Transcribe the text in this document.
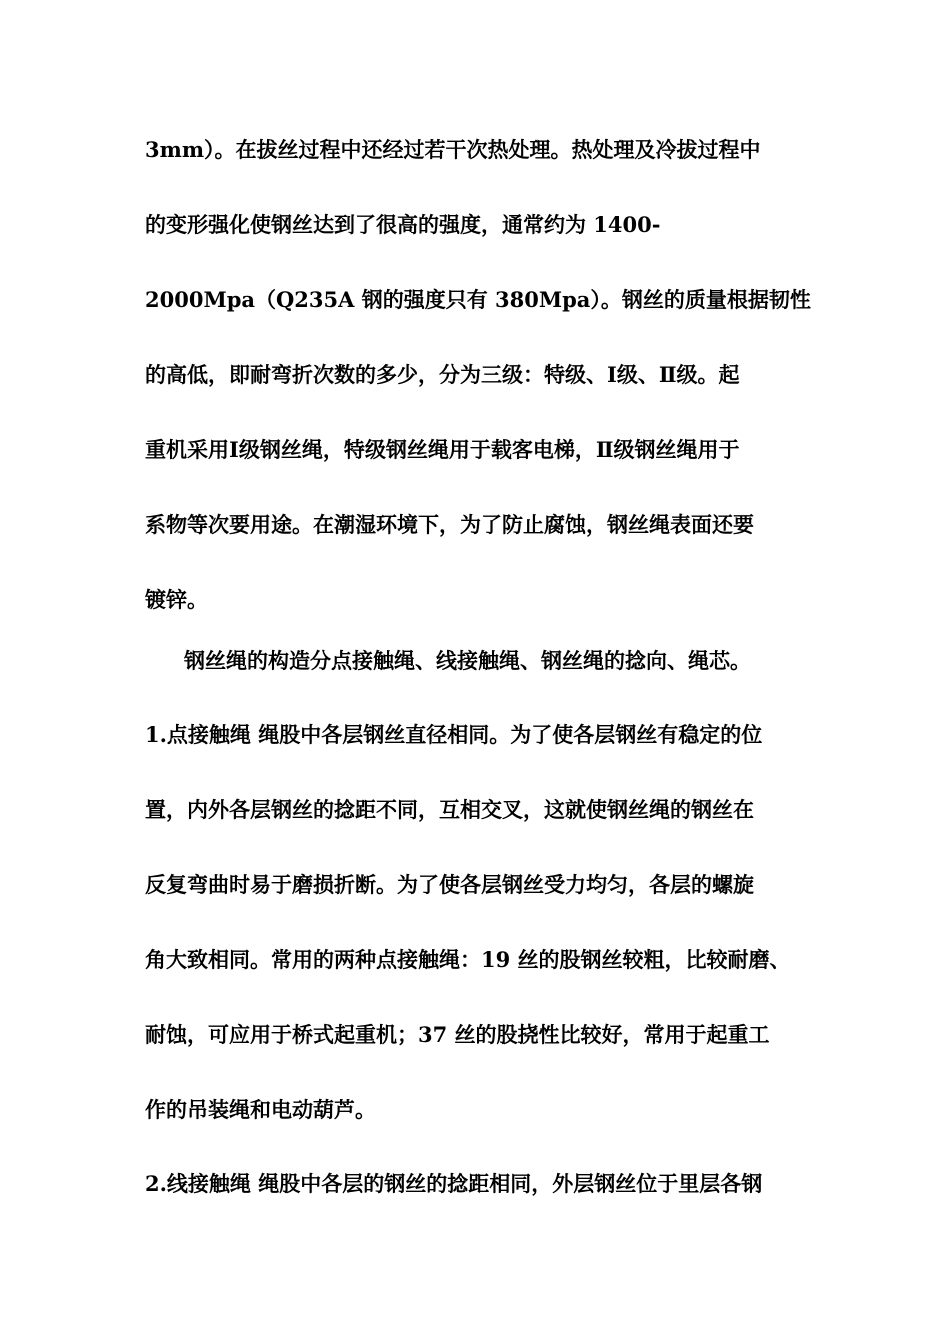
3mm）。在拔丝过程中还经过若干次热处理。热处理及冷拔过程中
的变形强化使钢丝达到了很高的强度，通常约为 1400-
2000Mpa（Q235A 钢的强度只有 380Mpa）。钢丝的质量根据韧性
的高低，即耐弯折次数的多少，分为三级：特级、Ⅰ级、Ⅱ级。起
重机采用Ⅰ级钢丝绳，特级钢丝绳用于载客电梯，Ⅱ级钢丝绳用于
系物等次要用途。在潮湿环境下，为了防止腐蚀，钢丝绳表面还要
镀锌。
钢丝绳的构造分点接触绳、线接触绳、钢丝绳的捻向、绳芯。
1.点接触绳 绳股中各层钢丝直径相同。为了使各层钢丝有稳定的位
置，内外各层钢丝的捻距不同，互相交叉，这就使钢丝绳的钢丝在
反复弯曲时易于磨损折断。为了使各层钢丝受力均匀，各层的螺旋
角大致相同。常用的两种点接触绳：19 丝的股钢丝较粗，比较耐磨、
耐蚀，可应用于桥式起重机；37 丝的股挠性比较好，常用于起重工
作的吊装绳和电动葫芦。
2.线接触绳 绳股中各层的钢丝的捻距相同，外层钢丝位于里层各钢
